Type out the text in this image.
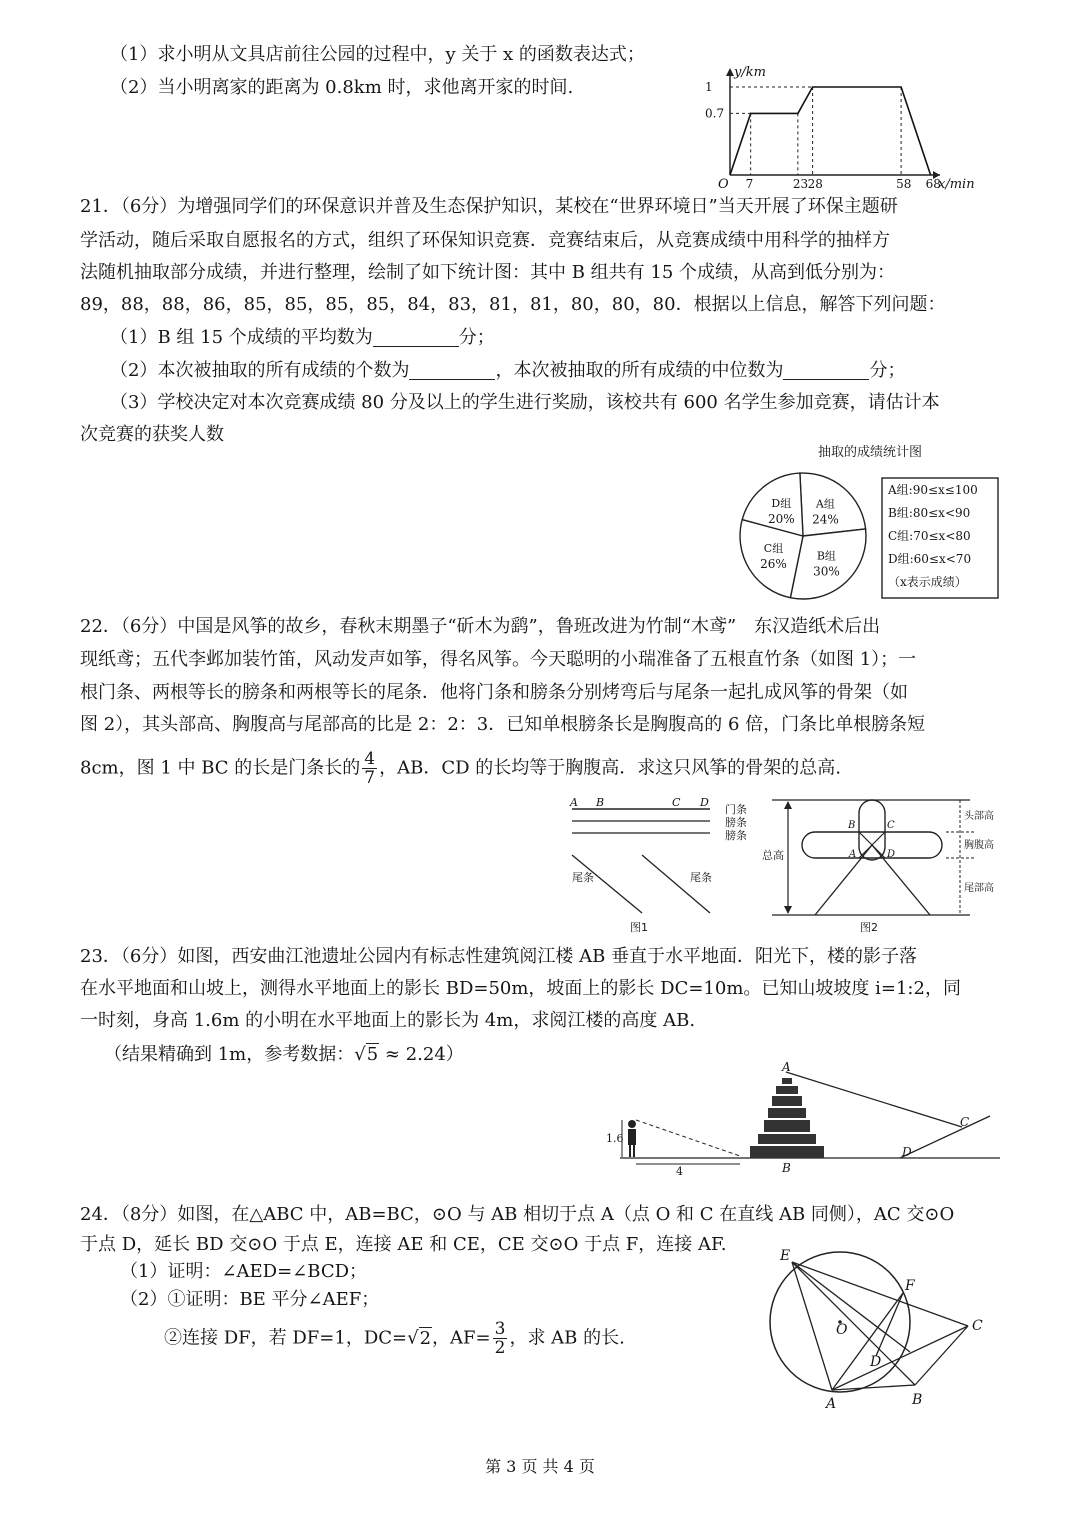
（1）求小明从文具店前往公园的过程中，y 关于 x 的函数表达式；
（2）当小明离家的距离为 0.8km 时，求他离开家的时间.
y/km
x/min
O 7	23 28	58 68
1
0.7
21．（6分）为增强同学们的环保意识并普及生态保护知识，某校在“世界环境日”当天开展了环保主题研
学活动，随后采取自愿报名的方式，组织了环保知识竞赛．竞赛结束后，从竞赛成绩中用科学的抽样方
法随机抽取部分成绩，并进行整理，绘制了如下统计图：其中 B 组共有 15 个成绩，从高到低分别为：
89，88，88，86，85，85，85，85，84，83，81，81，80，80，80．根据以上信息，解答下列问题：
（1）B 组 15 个成绩的平均数为	分；
（2）本次被抽取的所有成绩的个数为	，本次被抽取的所有成绩的中位数为	分；
（3）学校决定对本次竞赛成绩 80 分及以上的学生进行奖励，该校共有 600 名学生参加竞赛，请估计本
次竞赛的获奖人数
抽取的成绩统计图
A组
24%
B组
30%
C组
26%
D组
20%
A组:90≤x≤100
B组:80≤x<90
C组:70≤x<80
D组:60≤x<70
（x表示成绩）
22．（6分）中国是风筝的故乡，春秋末期墨子“斫木为鹞”，鲁班改进为竹制“木鸢”　东汉造纸术后出
现纸鸢；五代李邺加装竹笛，风动发声如筝，得名风筝。今天聪明的小瑞准备了五根直竹条（如图 1）；一
根门条、两根等长的膀条和两根等长的尾条．他将门条和膀条分别烤弯后与尾条一起扎成风筝的骨架（如
图 2），其头部高、胸腹高与尾部高的比是 2：2：3．已知单根膀条长是胸腹高的 6 倍，门条比单根膀条短
8cm，图 1 中 BC 的长是门条长的 $\frac{4}{7}$ ，AB．CD 的长均等于胸腹高．求这只风筝的骨架的总高.
A B	C D
门条
膀条
膀条
尾条	尾条
图1
总高
B	C
A	D
头部高
胸腹高
尾部高
图2
23．（6分）如图，西安曲江池遗址公园内有标志性建筑阅江楼 AB 垂直于水平地面．阳光下，楼的影子落
在水平地面和山坡上，测得水平地面上的影长 BD=50m，坡面上的影长 DC=10m。已知山坡坡度 i=1:2，同
一时刻，身高 1.6m 的小明在水平地面上的影长为 4m，求阅江楼的高度 AB.
（结果精确到 1m，参考数据：√5 ≈ 2.24）
A
B
C
D
1.6
4
24．（8分）如图，在△ABC 中，AB=BC，⊙O 与 AB 相切于点 A（点 O 和 C 在直线 AB 同侧），AC 交⊙O
于点 D，延长 BD 交⊙O 于点 E，连接 AE 和 CE，CE 交⊙O 于点 F，连接 AF.
（1）证明：∠AED=∠BCD；
（2）①证明：BE 平分∠AEF；
②连接 DF，若 DF=1，DC=√2，$AF= \frac{3}{2}$ ，求 AB 的长.
E
F
O	C
D
A	B
第 3 页 共 4 页
